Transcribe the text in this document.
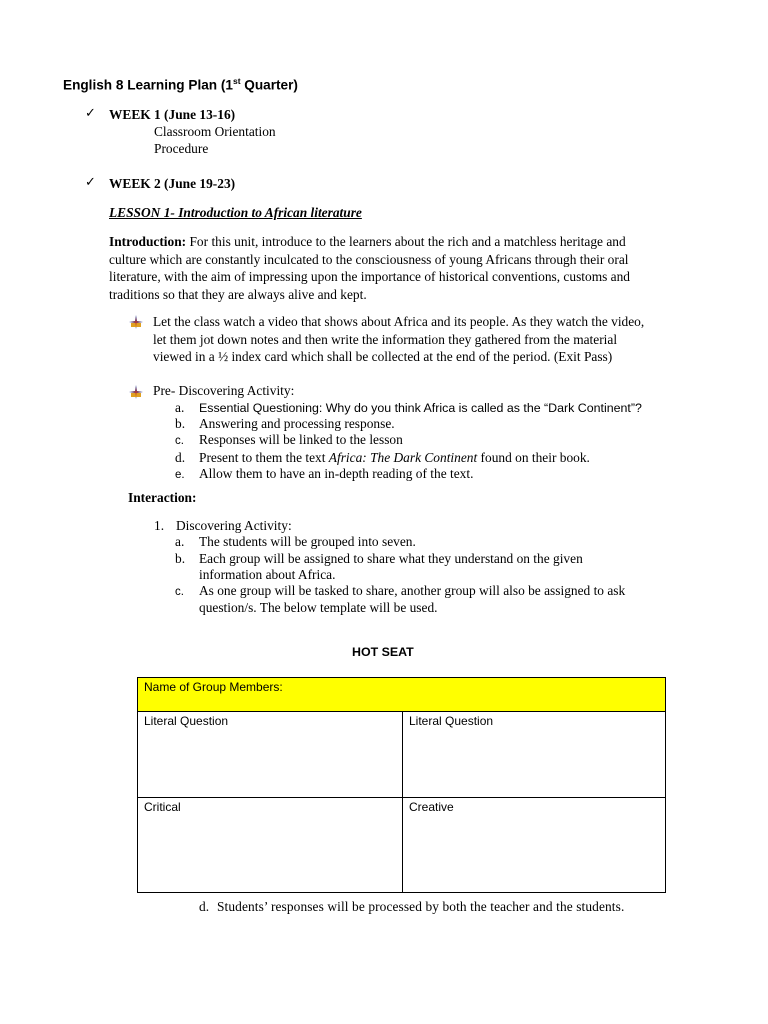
English 8 Learning Plan (1st Quarter)
✓ WEEK 1 (June 13-16)
Classroom Orientation
Procedure
✓ WEEK 2 (June 19-23)
LESSON 1- Introduction to African literature
Introduction: For this unit, introduce to the learners about the rich and a matchless heritage and
culture which are constantly inculcated to the consciousness of young Africans through their oral
literature, with the aim of impressing upon the importance of historical conventions, customs and
traditions so that they are always alive and kept.
Let the class watch a video that shows about Africa and its people. As they watch the video,
let them jot down notes and then write the information they gathered from the material
viewed in a ½ index card which shall be collected at the end of the period. (Exit Pass)
Pre- Discovering Activity:
a. Essential Questioning: Why do you think Africa is called as the “Dark Continent”?
b. Answering and processing response.
c. Responses will be linked to the lesson
d. Present to them the text Africa: The Dark Continent found on their book.
e. Allow them to have an in-depth reading of the text.
Interaction:
1. Discovering Activity:
a. The students will be grouped into seven.
b. Each group will be assigned to share what they understand on the given
information about Africa.
c. As one group will be tasked to share, another group will also be assigned to ask
question/s. The below template will be used.
HOT SEAT
Name of Group Members:
Literal Question	Literal Question
Critical	Creative
d. Students’ responses will be processed by both the teacher and the students.
